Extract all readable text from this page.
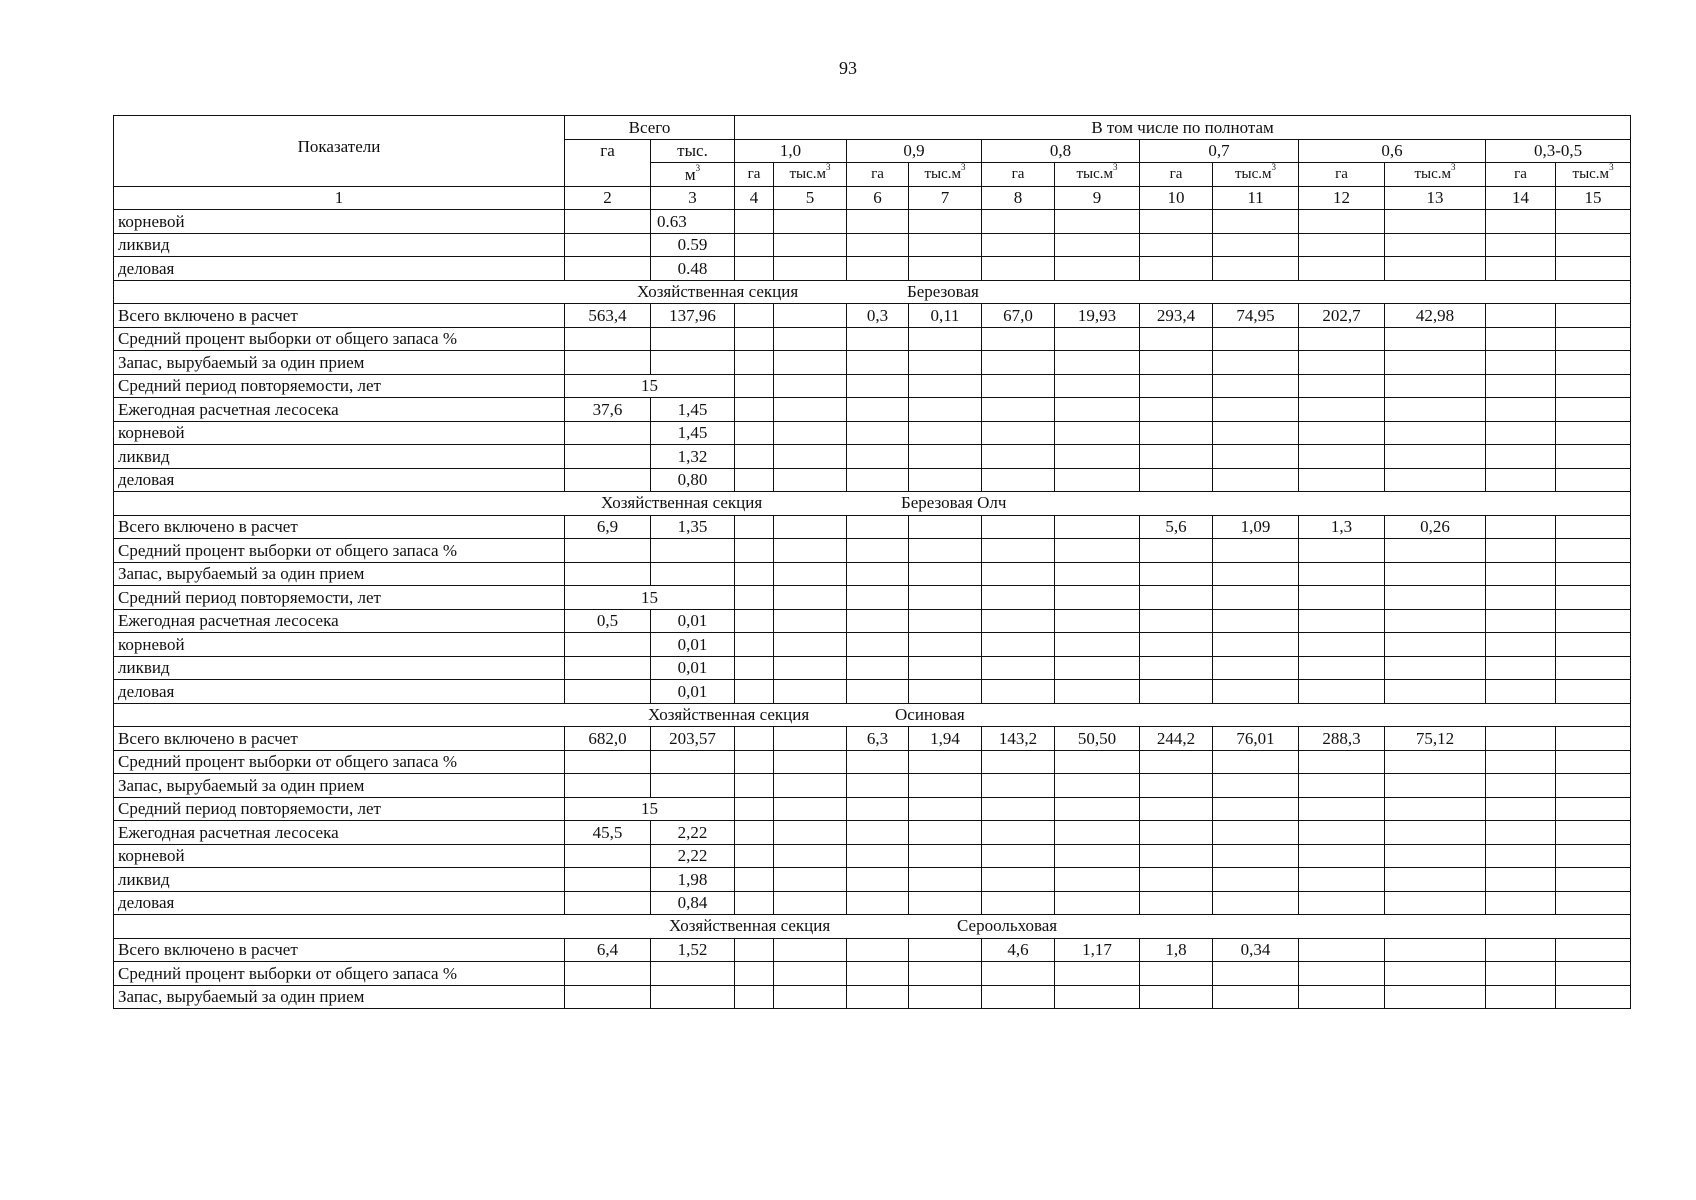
93
Показатели	Всего		В том числе по полнотам											
	га	тыс.	1,0		0,9		0,8		0,7		0,6		0,3-0,5	
		$м^3$	га	$тыс.м^3$	га	$тыс.м^3$	га	$тыс.м^3$	га	$тыс.м^3$	га	$тыс.м^3$	га	$тыс.м^3$
1	2	3	4	5	6	7	8	9	10	11	12	13	14	15
корневой		0.63												
ликвид		0.59												
деловая		0.48												

Хозяйственная секция Березовая														

Всего включено в расчет	563,4	137,96			0,3	0,11	67,0	19,93	293,4	74,95	202,7	42,98		
Средний процент выборки от общего запаса %														
Запас, вырубаемый за один прием														
Средний период повторяемости, лет	15													
Ежегодная расчетная лесосека	37,6	1,45												
корневой		1,45												
ликвид		1,32												
деловая		0,80												

Хозяйственная секция Березовая Олч														

Всего включено в расчет	6,9	1,35							5,6	1,09	1,3	0,26		
Средний процент выборки от общего запаса %														
Запас, вырубаемый за один прием														
Средний период повторяемости, лет	15													
Ежегодная расчетная лесосека	0,5	0,01												
корневой		0,01												
ликвид		0,01												
деловая		0,01												

Хозяйственная секция Осиновая														

Всего включено в расчет	682,0	203,57			6,3	1,94	143,2	50,50	244,2	76,01	288,3	75,12		
Средний процент выборки от общего запаса %														
Запас, вырубаемый за один прием														
Средний период повторяемости, лет	15													
Ежегодная расчетная лесосека	45,5	2,22												
корневой		2,22												
ликвид		1,98												
деловая		0,84												

Хозяйственная секция Сероольховая														

Всего включено в расчет	6,4	1,52					4,6	1,17	1,8	0,34				
Средний процент выборки от общего запаса %														
Запас, вырубаемый за один прием														
